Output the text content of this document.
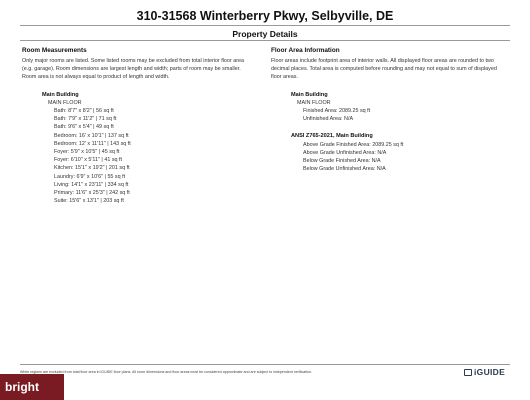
310-31568 Winterberry Pkwy, Selbyville, DE
Property Details
Room Measurements
Only major rooms are listed. Some listed rooms may be excluded from total interior floor area
(e.g. garage). Room dimensions are largest length and width; parts of room may be smaller.
Room area is not always equal to product of length and width.
Main Building
MAIN FLOOR
Bath: 8'7" x 8'2" | 56 sq ft
Bath: 7'9" x 11'2" | 71 sq ft
Bath: 9'6" x 5'4" | 49 sq ft
Bedroom: 16' x 10'1" | 137 sq ft
Bedroom: 12' x 11'11" | 143 sq ft
Foyer: 5'9" x 10'5" | 45 sq ft
Foyer: 6'10" x 5'11" | 41 sq ft
Kitchen: 15'1" x 19'2" | 201 sq ft
Laundry: 6'9" x 10'6" | 55 sq ft
Living: 14'1" x 23'11" | 334 sq ft
Primary: 11'6" x 25'3" | 242 sq ft
Suite: 15'6" x 13'1" | 203 sq ft
Floor Area Information
Floor areas include footprint area of interior walls. All displayed floor areas are rounded to two
decimal places. Total area is computed before rounding and may not equal to sum of displayed
floor areas.
Main Building
MAIN FLOOR
Finished Area: 2089.25 sq ft
Unfinished Area: N/A
ANSI Z765-2021, Main Building
Above Grade Finished Area: 2089.25 sq ft
Above Grade Unfinished Area: N/A
Below Grade Finished Area: N/A
Below Grade Unfinished Area: N/A
White regions are excluded from total floor area in iGUIDE floor plans. All room dimensions and floor areas must be considered approximate and are subject to independent verification.	iGUIDE
bright
